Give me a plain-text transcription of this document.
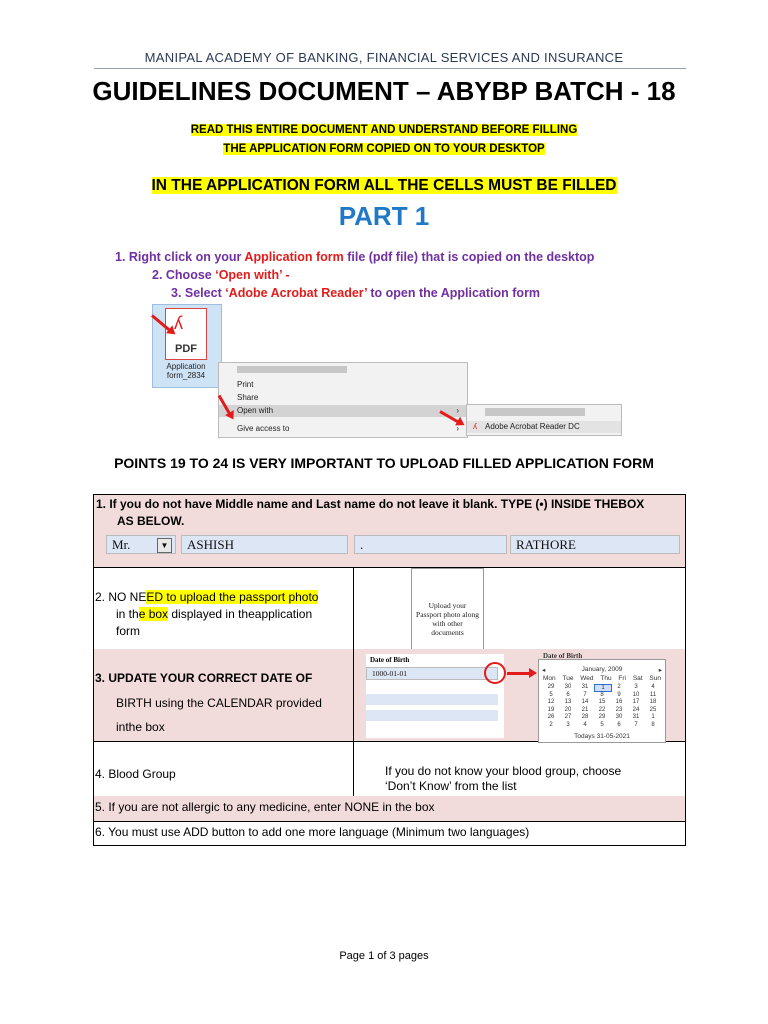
MANIPAL ACADEMY OF BANKING, FINANCIAL SERVICES AND INSURANCE
GUIDELINES DOCUMENT – ABYBP BATCH - 18
READ THIS ENTIRE DOCUMENT AND UNDERSTAND BEFORE FILLING
THE APPLICATION FORM COPIED ON TO YOUR DESKTOP
IN THE APPLICATION FORM ALL THE CELLS MUST BE FILLED
PART 1
1. Right click on your Application form file (pdf file) that is copied on the desktop
2. Choose ‘Open with’ -
3. Select ‘Adobe Acrobat Reader’ to open the Application form
ʎ
PDF
Application form_2834
Print
Share
Open with	›
Give access to	› ʎ Adobe Acrobat Reader DC
POINTS 19 TO 24 IS VERY IMPORTANT TO UPLOAD FILLED APPLICATION FORM
1. If you do not have Middle name and Last name do not leave it blank. TYPE (•) INSIDE THEBOX
AS BELOW.
Mr.	▼	ASHISH	.	RATHORE
2. NO NEED to upload the passport photo
in the box displayed in theapplication
form
Upload your Passport photo along with other documents
3. UPDATE YOUR CORRECT DATE OF
BIRTH using the CALENDAR provided
inthe box
Date of Birth
1000-01-01
Date of Birth
January, 2009
◂	▸
Mon Tue Wed Thu Fri Sat Sun
29	30	31	1	2	3	4
5	6	7	8	9	10	11
12	13	14	15	16	17	18
19	20	21	22	23	24	25
26	27	28	29	30	31	1
2	3	4	5	6	7	8
Todays 31-05-2021
4. Blood Group	If you do not know your blood group, choose
‘Don’t Know’ from the list
5. If you are not allergic to any medicine, enter NONE in the box
6. You must use ADD button to add one more language (Minimum two languages)
Page 1 of 3 pages
